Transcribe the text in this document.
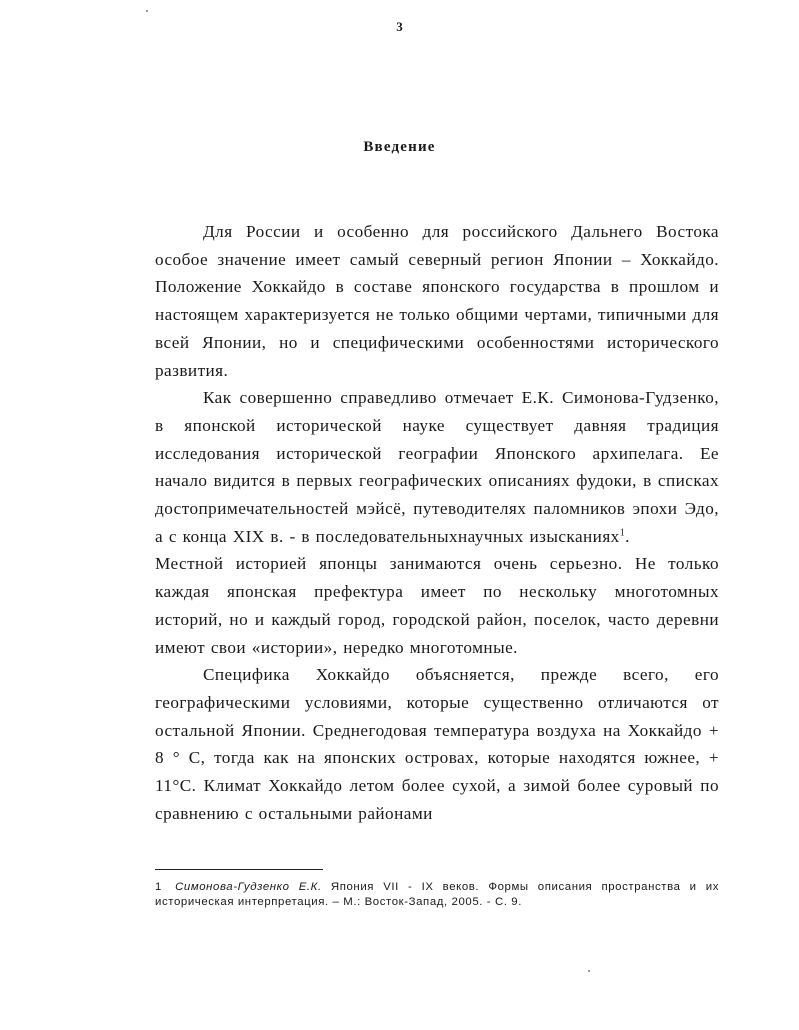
3
Введение

Для России и особенно для российского Дальнего Востока особое значение имеет самый северный регион Японии – Хоккайдо. Положение Хоккайдо в составе японского государства в прошлом и настоящем характеризуется не только общими чертами, типичными для всей Японии, но и специфическими особенностями исторического развития.

Как совершенно справедливо отмечает Е.К. Симонова-Гудзенко, в японской исторической науке существует давняя традиция исследования исторической географии Японского архипелага. Ее начало видится в первых географических описаниях фудоки, в списках достопримечательностей мэйсё, путеводителях паломников эпохи Эдо, а с конца XIX в. - в последовательныхнаучных изысканиях$^1$.

Местной историей японцы занимаются очень серьезно. Не только каждая японская префектура имеет по нескольку многотомных историй, но и каждый город, городской район, поселок, часто деревни имеют свои «истории», нередко многотомные.

Специфика Хоккайдо объясняется, прежде всего, его географическими условиями, которые существенно отличаются от остальной Японии. Среднегодовая температура воздуха на Хоккайдо + 8 ° С, тогда как на японских островах, которые находятся южнее, + 11°С. Климат Хоккайдо летом более сухой, а зимой более суровый по сравнению с остальными районами

1 Симонова-Гудзенко Е.К. Япония VII - IX веков. Формы описания пространства и их историческая интерпретация. – М.: Восток-Запад, 2005. - С. 9.
